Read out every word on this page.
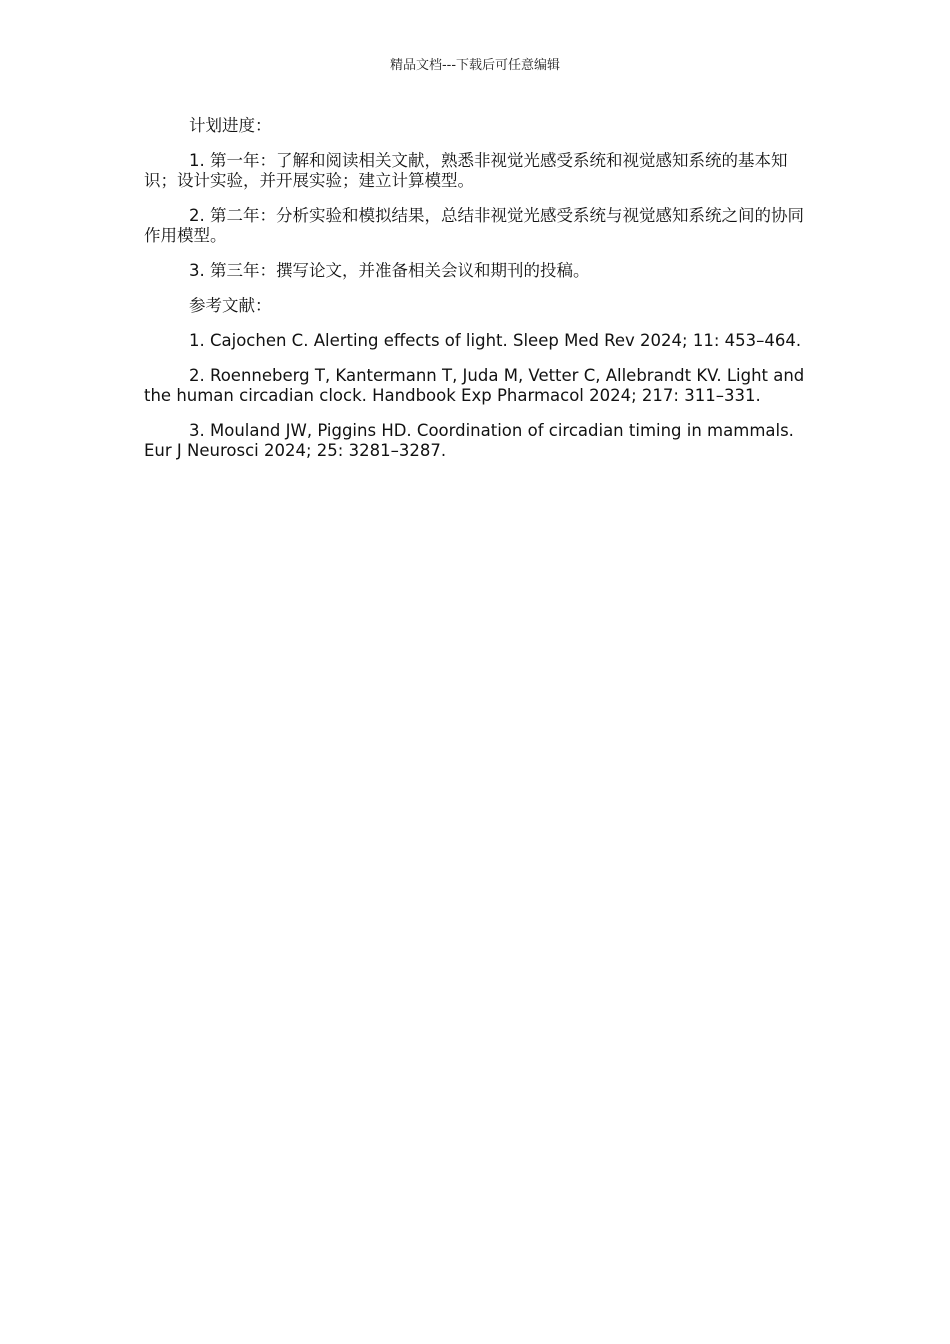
精品文档---下载后可任意编辑

计划进度：

1. 第一年：了解和阅读相关文献，熟悉非视觉光感受系统和视觉感知系统的基本知识；设计实验，并开展实验；建立计算模型。

2. 第二年：分析实验和模拟结果，总结非视觉光感受系统与视觉感知系统之间的协同作用模型。

3. 第三年：撰写论文，并准备相关会议和期刊的投稿。

参考文献：

1. Cajochen C. Alerting effects of light. Sleep Med Rev 2024; 11: 453–464.

2. Roenneberg T, Kantermann T, Juda M, Vetter C, Allebrandt KV. Light and the human circadian clock. Handbook Exp Pharmacol 2024; 217: 311–331.

3. Mouland JW, Piggins HD. Coordination of circadian timing in mammals. Eur J Neurosci 2024; 25: 3281–3287.
